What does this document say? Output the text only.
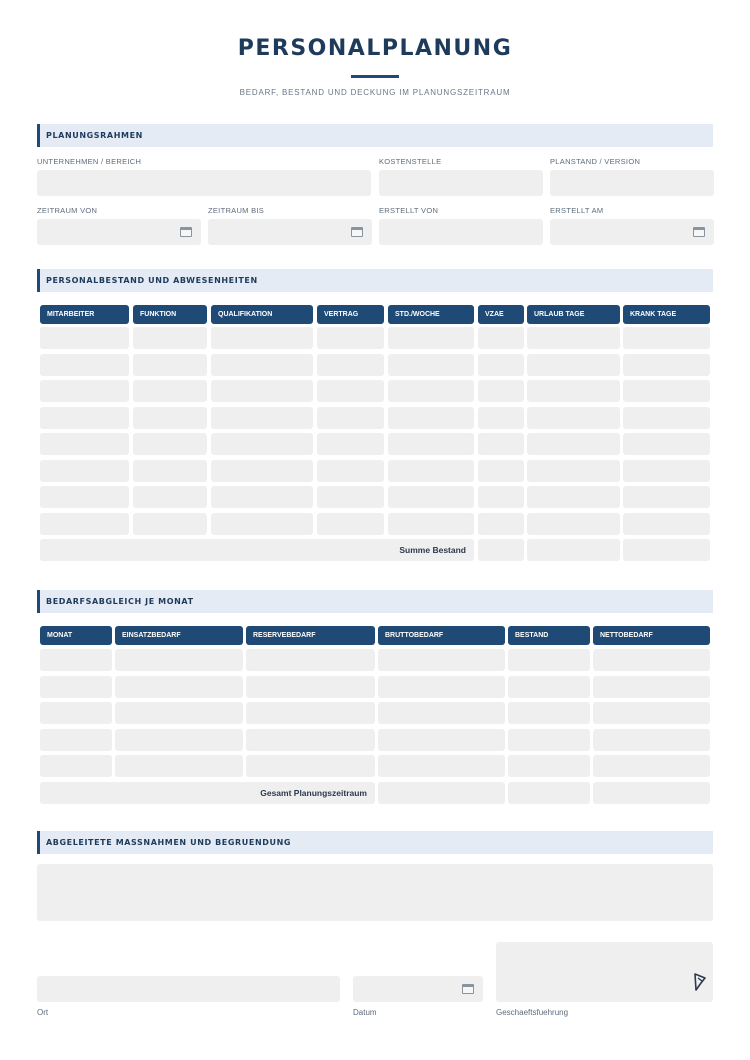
PERSONALPLANUNG
BEDARF, BESTAND UND DECKUNG IM PLANUNGSZEITRAUM
PLANUNGSRAHMEN
UNTERNEHMEN / BEREICH	KOSTENSTELLE	PLANSTAND / VERSION
ZEITRAUM VON	ZEITRAUM BIS	ERSTELLT VON	ERSTELLT AM
PERSONALBESTAND UND ABWESENHEITEN
MITARBEITER	FUNKTION	QUALIFIKATION	VERTRAG	STD./WOCHE	VZAE	URLAUB TAGE	KRANK TAGE
Summe Bestand
BEDARFSABGLEICH JE MONAT
MONAT	EINSATZBEDARF	RESERVEBEDARF	BRUTTOBEDARF	BESTAND	NETTOBEDARF
Gesamt Planungszeitraum
ABGELEITETE MASSNAHMEN UND BEGRUENDUNG
Ort	Datum	Geschaeftsfuehrung
